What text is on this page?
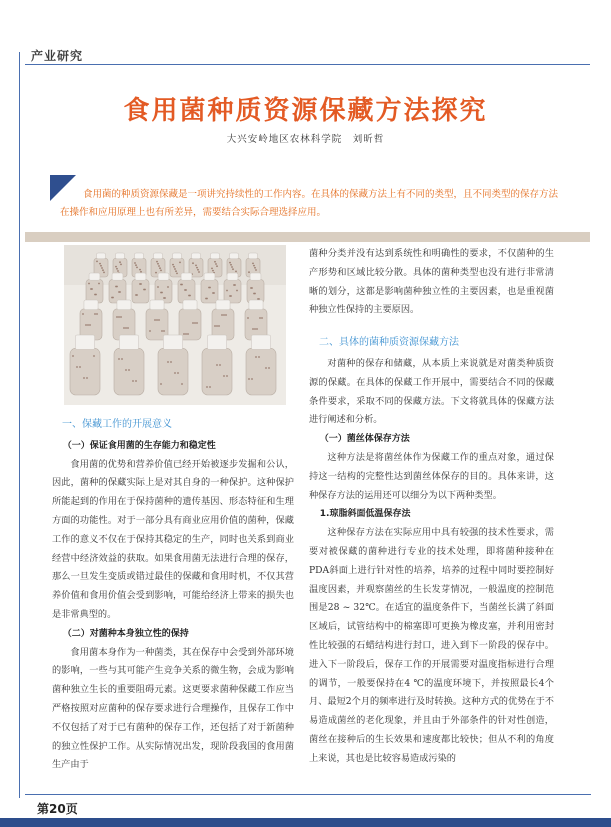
产业研究
食用菌种质资源保藏方法探究
大兴安岭地区农林科学院　刘昕哲
食用菌的种质资源保藏是一项讲究持续性的工作内容。在具体的保藏方法上有不同的类型，且不同类型的保存方法在操作和应用原理上也有所差异，需要结合实际合理选择应用。
一、保藏工作的开展意义

（一）保证食用菌的生存能力和稳定性

食用菌的优势和营养价值已经开始被逐步发掘和公认，因此，菌种的保藏实际上是对其自身的一种保护。这种保护所能起到的作用在于保持菌种的遗传基因、形态特征和生理方面的功能性。对于一部分具有商业应用价值的菌种，保藏工作的意义不仅在于保持其稳定的生产，同时也关系到商业经营中经济效益的获取。如果食用菌无法进行合理的保存，那么一旦发生变质或错过最佳的保藏和食用时机，不仅其营养价值和食用价值会受到影响，可能给经济上带来的损失也是非常典型的。

（二）对菌种本身独立性的保持

食用菌本身作为一种菌类，其在保存中会受到外部环境的影响，一些与其可能产生竞争关系的微生物，会成为影响菌种独立生长的重要阻碍元素。这更要求菌种保藏工作应当严格按照对应菌种的保存要求进行合理操作，且保存工作中不仅包括了对于已有菌种的保存工作，还包括了对于新菌种的独立性保护工作。从实际情况出发，现阶段我国的食用菌生产由于

菌种分类并没有达到系统性和明确性的要求，不仅菌种的生产形势和区域比较分散。具体的菌种类型也没有进行非常清晰的划分，这都是影响菌种独立性的主要因素，也是重视菌种独立性保持的主要原因。

二、具体的菌种质资源保藏方法

对菌种的保存和储藏，从本质上来说就是对菌类种质资源的保藏。在具体的保藏工作开展中，需要结合不同的保藏条件要求，采取不同的保藏方法。下文将就具体的保藏方法进行阐述和分析。

（一）菌丝体保存方法

这种方法是将菌丝体作为保藏工作的重点对象，通过保持这一结构的完整性达到菌丝体保存的目的。具体来讲，这种保存方法的运用还可以细分为以下两种类型。

1.琼脂斜面低温保存法

这种保存方法在实际应用中具有较强的技术性要求，需要对被保藏的菌种进行专业的技术处理，即将菌种接种在PDA斜面上进行针对性的培养，培养的过程中同时要控制好温度因素，并观察菌丝的生长发芽情况，一般温度的控制范围是28 ~ 32℃。在适宜的温度条件下，当菌丝长满了斜面区域后，试管结构中的棉塞即可更换为橡皮塞，并利用密封性比较强的石蜡结构进行封口，进入到下一阶段的保存中。进入下一阶段后，保存工作的开展需要对温度指标进行合理的调节，一般要保持在4 ℃的温度环境下，并按照最长4个月、最短2个月的频率进行及时转换。这种方式的优势在于不易造成菌丝的老化现象，并且由于外部条件的针对性创造，菌丝在接种后的生长效果和速度都比较快；但从不利的角度上来说，其也是比较容易造成污染的

第20页
